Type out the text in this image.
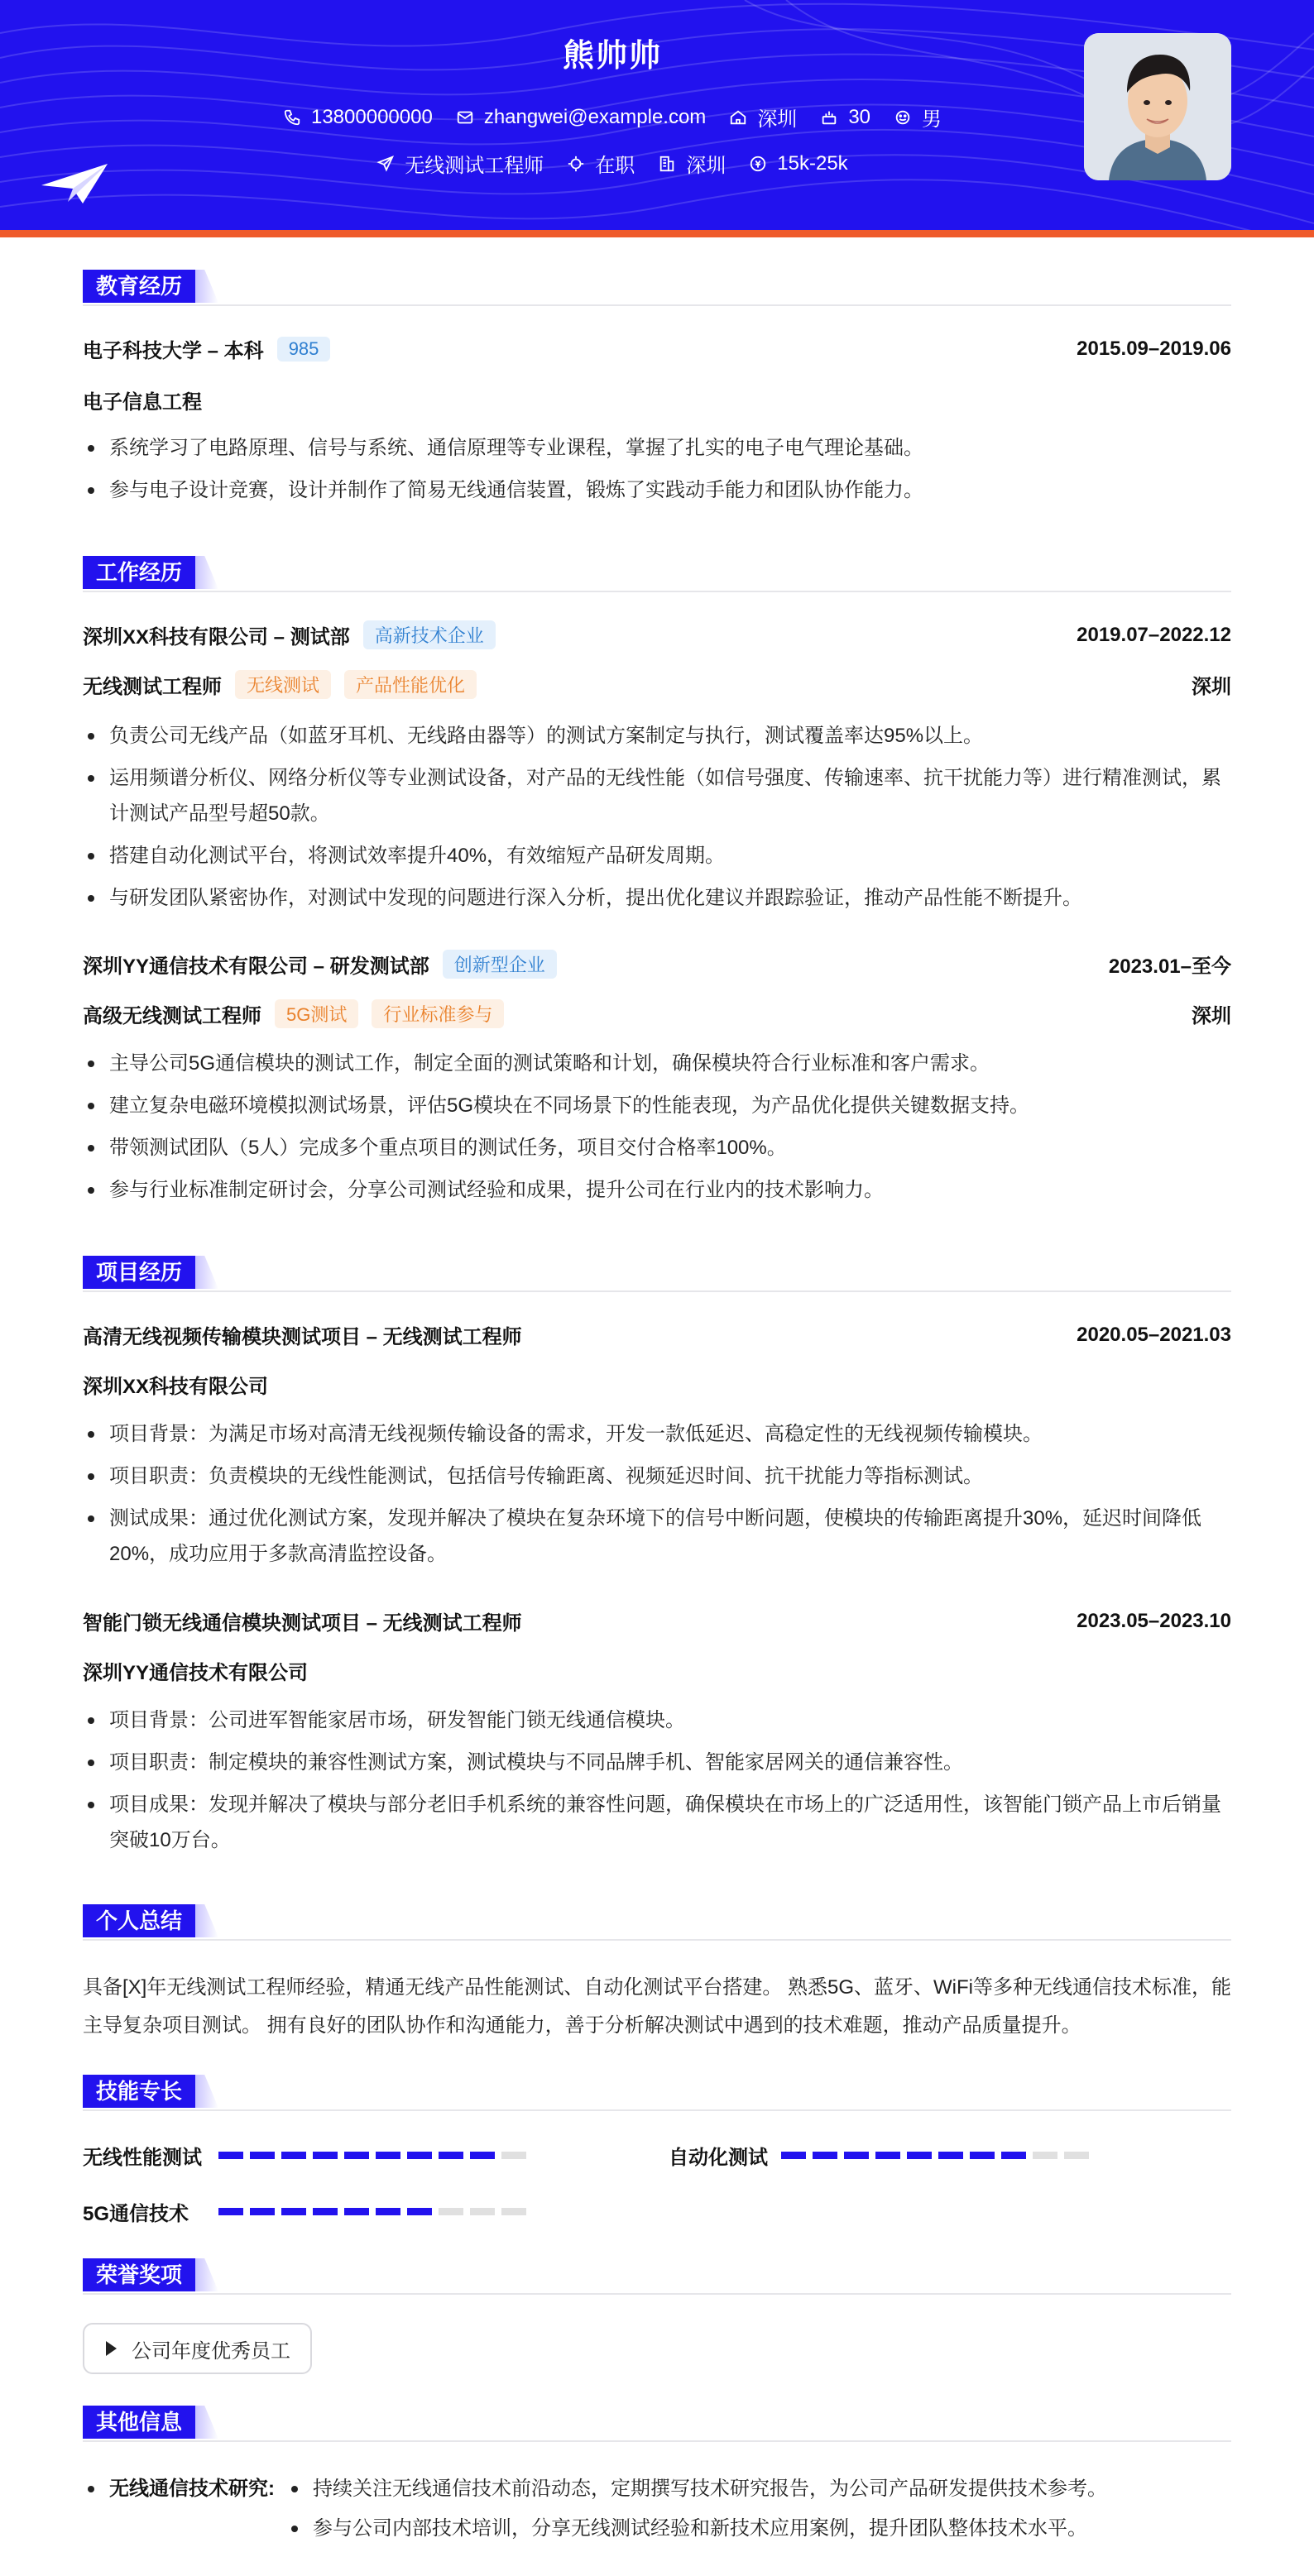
熊帅帅
13800000000	zhangwei@example.com	深圳	30	男
无线测试工程师	在职	深圳	15k-25k
教育经历
电子科技大学 – 本科	985	2015.09–2019.06
电子信息工程
系统学习了电路原理、信号与系统、通信原理等专业课程，掌握了扎实的电子电气理论基础。
参与电子设计竞赛，设计并制作了简易无线通信装置，锻炼了实践动手能力和团队协作能力。
工作经历
深圳XX科技有限公司 – 测试部	高新技术企业	2019.07–2022.12
无线测试工程师	无线测试	产品性能优化	深圳
负责公司无线产品（如蓝牙耳机、无线路由器等）的测试方案制定与执行，测试覆盖率达95%以上。
运用频谱分析仪、网络分析仪等专业测试设备，对产品的无线性能（如信号强度、传输速率、抗干扰能力等）进行精准测试，累计测试产品型号超50款。
搭建自动化测试平台，将测试效率提升40%，有效缩短产品研发周期。
与研发团队紧密协作，对测试中发现的问题进行深入分析，提出优化建议并跟踪验证，推动产品性能不断提升。
深圳YY通信技术有限公司 – 研发测试部	创新型企业	2023.01–至今
高级无线测试工程师	5G测试	行业标准参与	深圳
主导公司5G通信模块的测试工作，制定全面的测试策略和计划，确保模块符合行业标准和客户需求。
建立复杂电磁环境模拟测试场景，评估5G模块在不同场景下的性能表现，为产品优化提供关键数据支持。
带领测试团队（5人）完成多个重点项目的测试任务，项目交付合格率100%。
参与行业标准制定研讨会，分享公司测试经验和成果，提升公司在行业内的技术影响力。
项目经历
高清无线视频传输模块测试项目 – 无线测试工程师	2020.05–2021.03
深圳XX科技有限公司
项目背景：为满足市场对高清无线视频传输设备的需求，开发一款低延迟、高稳定性的无线视频传输模块。
项目职责：负责模块的无线性能测试，包括信号传输距离、视频延迟时间、抗干扰能力等指标测试。
测试成果：通过优化测试方案，发现并解决了模块在复杂环境下的信号中断问题，使模块的传输距离提升30%，延迟时间降低20%，成功应用于多款高清监控设备。
智能门锁无线通信模块测试项目 – 无线测试工程师	2023.05–2023.10
深圳YY通信技术有限公司
项目背景：公司进军智能家居市场，研发智能门锁无线通信模块。
项目职责：制定模块的兼容性测试方案，测试模块与不同品牌手机、智能家居网关的通信兼容性。
项目成果：发现并解决了模块与部分老旧手机系统的兼容性问题，确保模块在市场上的广泛适用性，该智能门锁产品上市后销量突破10万台。
个人总结
具备[X]年无线测试工程师经验，精通无线产品性能测试、自动化测试平台搭建。 熟悉5G、蓝牙、WiFi等多种无线通信技术标准，能主导复杂项目测试。 拥有良好的团队协作和沟通能力，善于分析解决测试中遇到的技术难题，推动产品质量提升。
技能专长
无线性能测试	自动化测试
5G通信技术
荣誉奖项
公司年度优秀员工
其他信息
无线通信技术研究:	持续关注无线通信技术前沿动态，定期撰写技术研究报告，为公司产品研发提供技术参考。
参与公司内部技术培训，分享无线测试经验和新技术应用案例，提升团队整体技术水平。
